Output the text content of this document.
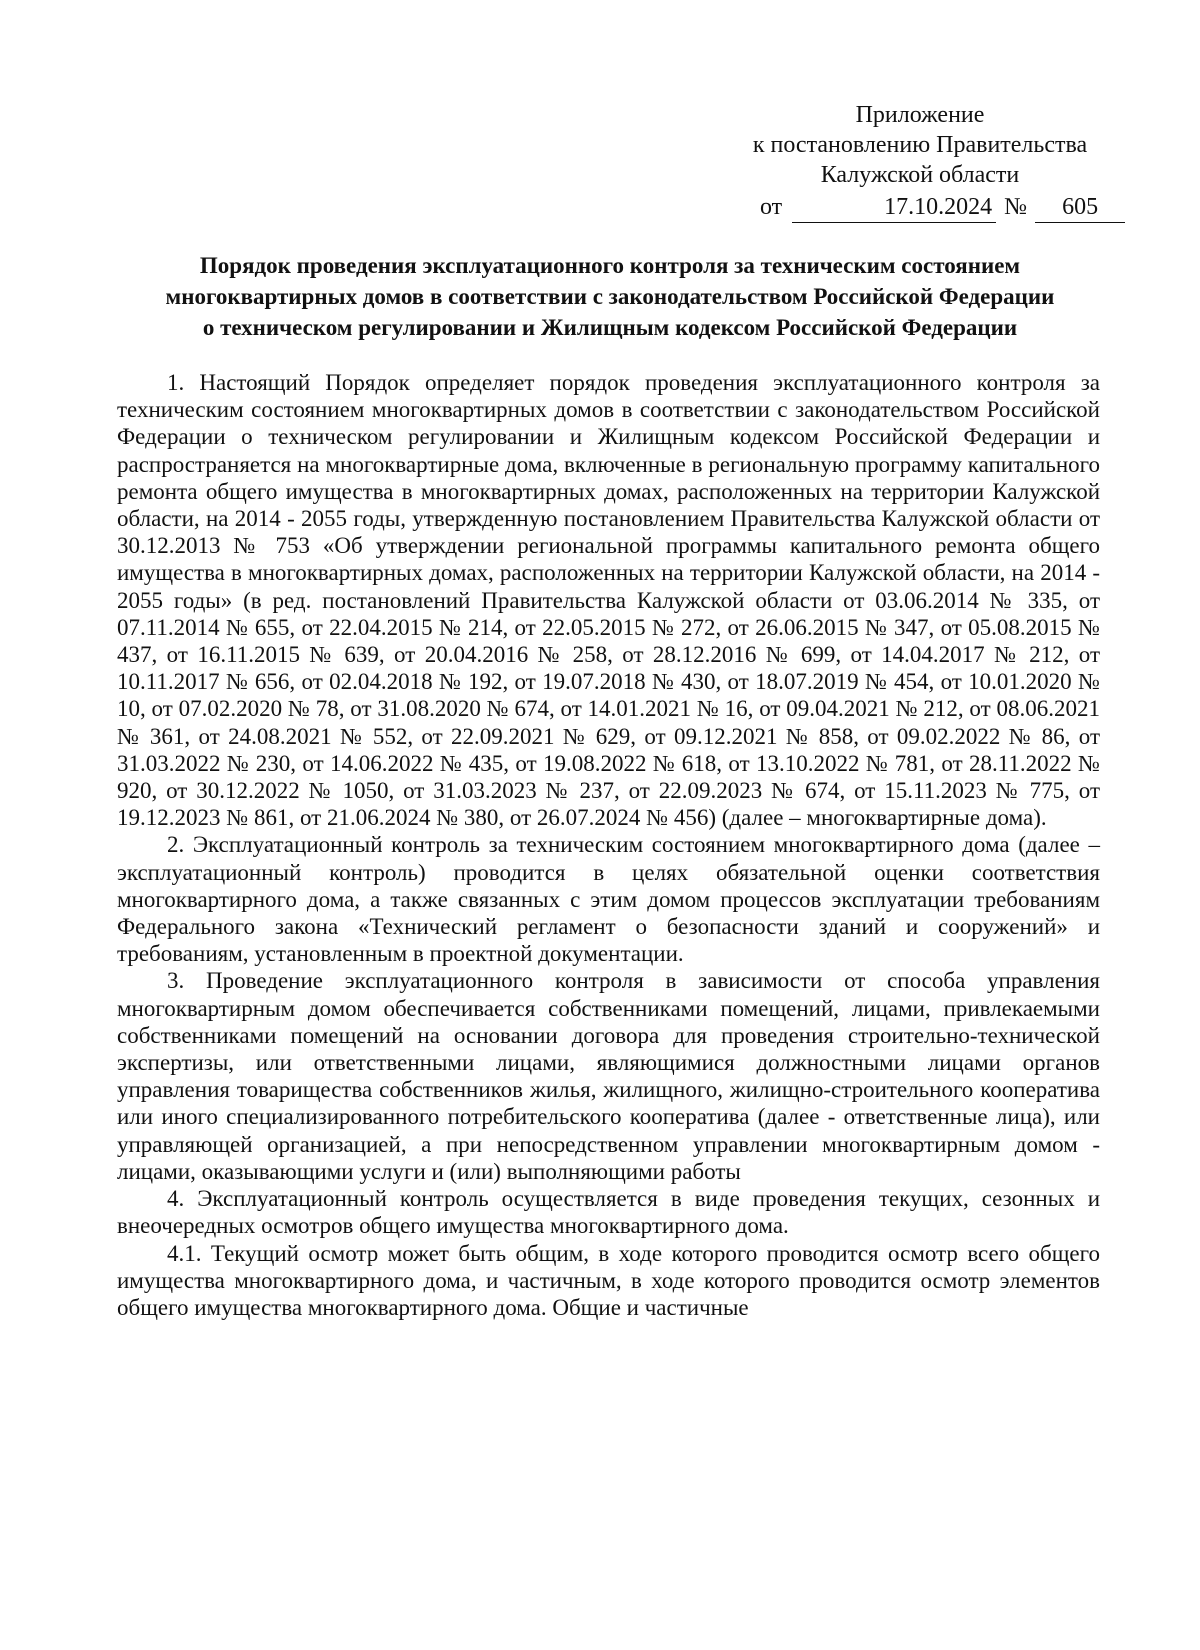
Приложение
к постановлению Правительства
Калужской области
от	17.10.2024 № 605
Порядок проведения эксплуатационного контроля за техническим состоянием
многоквартирных домов в соответствии с законодательством Российской Федерации
о техническом регулировании и Жилищным кодексом Российской Федерации

1. Настоящий Порядок определяет порядок проведения эксплуатационного контроля за техническим состоянием многоквартирных домов в соответствии с законодательством Российской Федерации о техническом регулировании и Жилищным кодексом Российской Федерации и распространяется на многоквартирные дома, включенные в региональную программу капитального ремонта общего имущества в многоквартирных домах, расположенных на территории Калужской области, на 2014 - 2055 годы, утвержденную постановлением Правительства Калужской области от 30.12.2013 № 753 «Об утверждении региональной программы капитального ремонта общего имущества в многоквартирных домах, расположенных на территории Калужской области, на 2014 - 2055 годы» (в ред. постановлений Правительства Калужской области от 03.06.2014 № 335, от 07.11.2014 № 655, от 22.04.2015 № 214, от 22.05.2015 № 272, от 26.06.2015 № 347, от 05.08.2015 № 437, от 16.11.2015 № 639, от 20.04.2016 № 258, от 28.12.2016 № 699, от 14.04.2017 № 212, от 10.11.2017 № 656, от 02.04.2018 № 192, от 19.07.2018 № 430, от 18.07.2019 № 454, от 10.01.2020 № 10, от 07.02.2020 № 78, от 31.08.2020 № 674, от 14.01.2021 № 16, от 09.04.2021 № 212, от 08.06.2021 № 361, от 24.08.2021 № 552, от 22.09.2021 № 629, от 09.12.2021 № 858, от 09.02.2022 № 86, от 31.03.2022 № 230, от 14.06.2022 № 435, от 19.08.2022 № 618, от 13.10.2022 № 781, от 28.11.2022 № 920, от 30.12.2022 № 1050, от 31.03.2023 № 237, от 22.09.2023 № 674, от 15.11.2023 № 775, от 19.12.2023 № 861, от 21.06.2024 № 380, от 26.07.2024 № 456) (далее – многоквартирные дома).

2. Эксплуатационный контроль за техническим состоянием многоквартирного дома (далее – эксплуатационный контроль) проводится в целях обязательной оценки соответствия многоквартирного дома, а также связанных с этим домом процессов эксплуатации требованиям Федерального закона «Технический регламент о безопасности зданий и сооружений» и требованиям, установленным в проектной документации.

3. Проведение эксплуатационного контроля в зависимости от способа управления многоквартирным домом обеспечивается собственниками помещений, лицами, привлекаемыми собственниками помещений на основании договора для проведения строительно-технической экспертизы, или ответственными лицами, являющимися должностными лицами органов управления товарищества собственников жилья, жилищного, жилищно-строительного кооператива или иного специализированного потребительского кооператива (далее - ответственные лица), или управляющей организацией, а при непосредственном управлении многоквартирным домом - лицами, оказывающими услуги и (или) выполняющими работы

4. Эксплуатационный контроль осуществляется в виде проведения текущих, сезонных и внеочередных осмотров общего имущества многоквартирного дома.

4.1. Текущий осмотр может быть общим, в ходе которого проводится осмотр всего общего имущества многоквартирного дома, и частичным, в ходе которого проводится осмотр элементов общего имущества многоквартирного дома. Общие и частичные
